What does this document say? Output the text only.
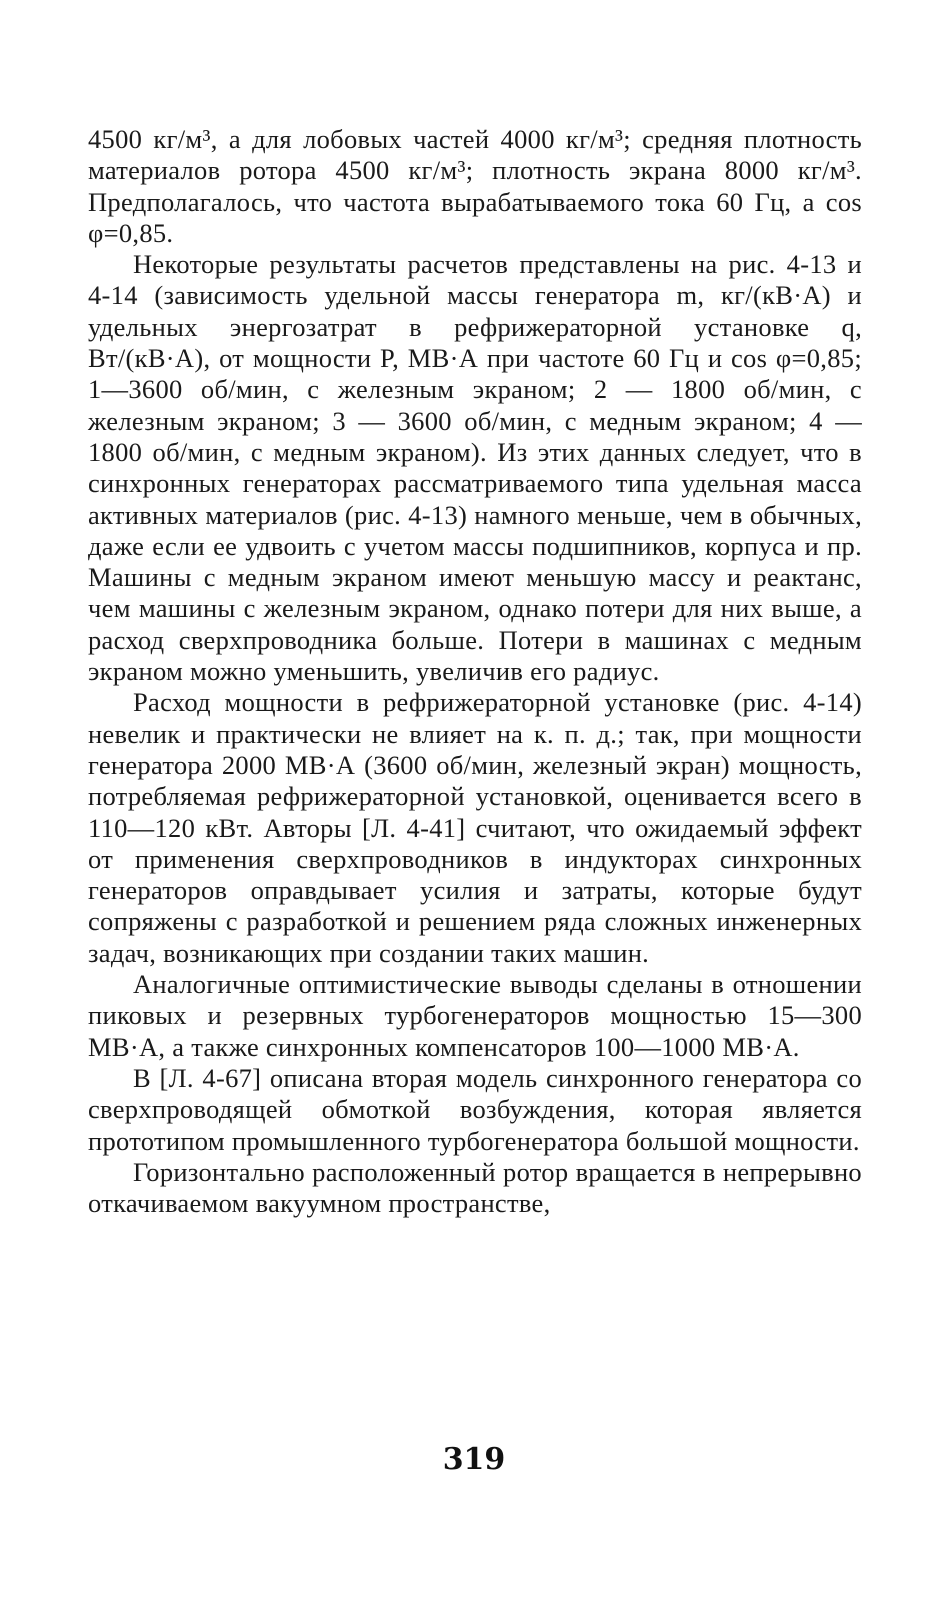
4500 кг/м³, а для лобовых частей 4000 кг/м³; средняя плотность материалов ротора 4500 кг/м³; плотность экрана 8000 кг/м³. Предполагалось, что частота вырабатываемого тока 60 Гц, а cos φ=0,85.

Некоторые результаты расчетов представлены на рис. 4-13 и 4-14 (зависимость удельной массы генератора m, кг/(кВ·А) и удельных энергозатрат в рефрижераторной установке q, Вт/(кВ·А), от мощности P, МВ·А при частоте 60 Гц и cos φ=0,85; 1—3600 об/мин, с железным экраном; 2 — 1800 об/мин, с железным экраном; 3 — 3600 об/мин, с медным экраном; 4 — 1800 об/мин, с медным экраном). Из этих данных следует, что в синхронных генераторах рассматриваемого типа удельная масса активных материалов (рис. 4-13) намного меньше, чем в обычных, даже если ее удвоить с учетом массы подшипников, корпуса и пр. Машины с медным экраном имеют меньшую массу и реактанс, чем машины с железным экраном, однако потери для них выше, а расход сверхпроводника больше. Потери в машинах с медным экраном можно уменьшить, увеличив его радиус.

Расход мощности в рефрижераторной установке (рис. 4-14) невелик и практически не влияет на к. п. д.; так, при мощности генератора 2000 МВ·А (3600 об/мин, железный экран) мощность, потребляемая рефрижераторной установкой, оценивается всего в 110—120 кВт. Авторы [Л. 4-41] считают, что ожидаемый эффект от применения сверхпроводников в индукторах синхронных генераторов оправдывает усилия и затраты, которые будут сопряжены с разработкой и решением ряда сложных инженерных задач, возникающих при создании таких машин.

Аналогичные оптимистические выводы сделаны в отношении пиковых и резервных турбогенераторов мощностью 15—300 МВ·А, а также синхронных компенсаторов 100—1000 МВ·А.

В [Л. 4-67] описана вторая модель синхронного генератора со сверхпроводящей обмоткой возбуждения, которая является прототипом промышленного турбогенератора большой мощности.

Горизонтально расположенный ротор вращается в непрерывно откачиваемом вакуумном пространстве,

319
